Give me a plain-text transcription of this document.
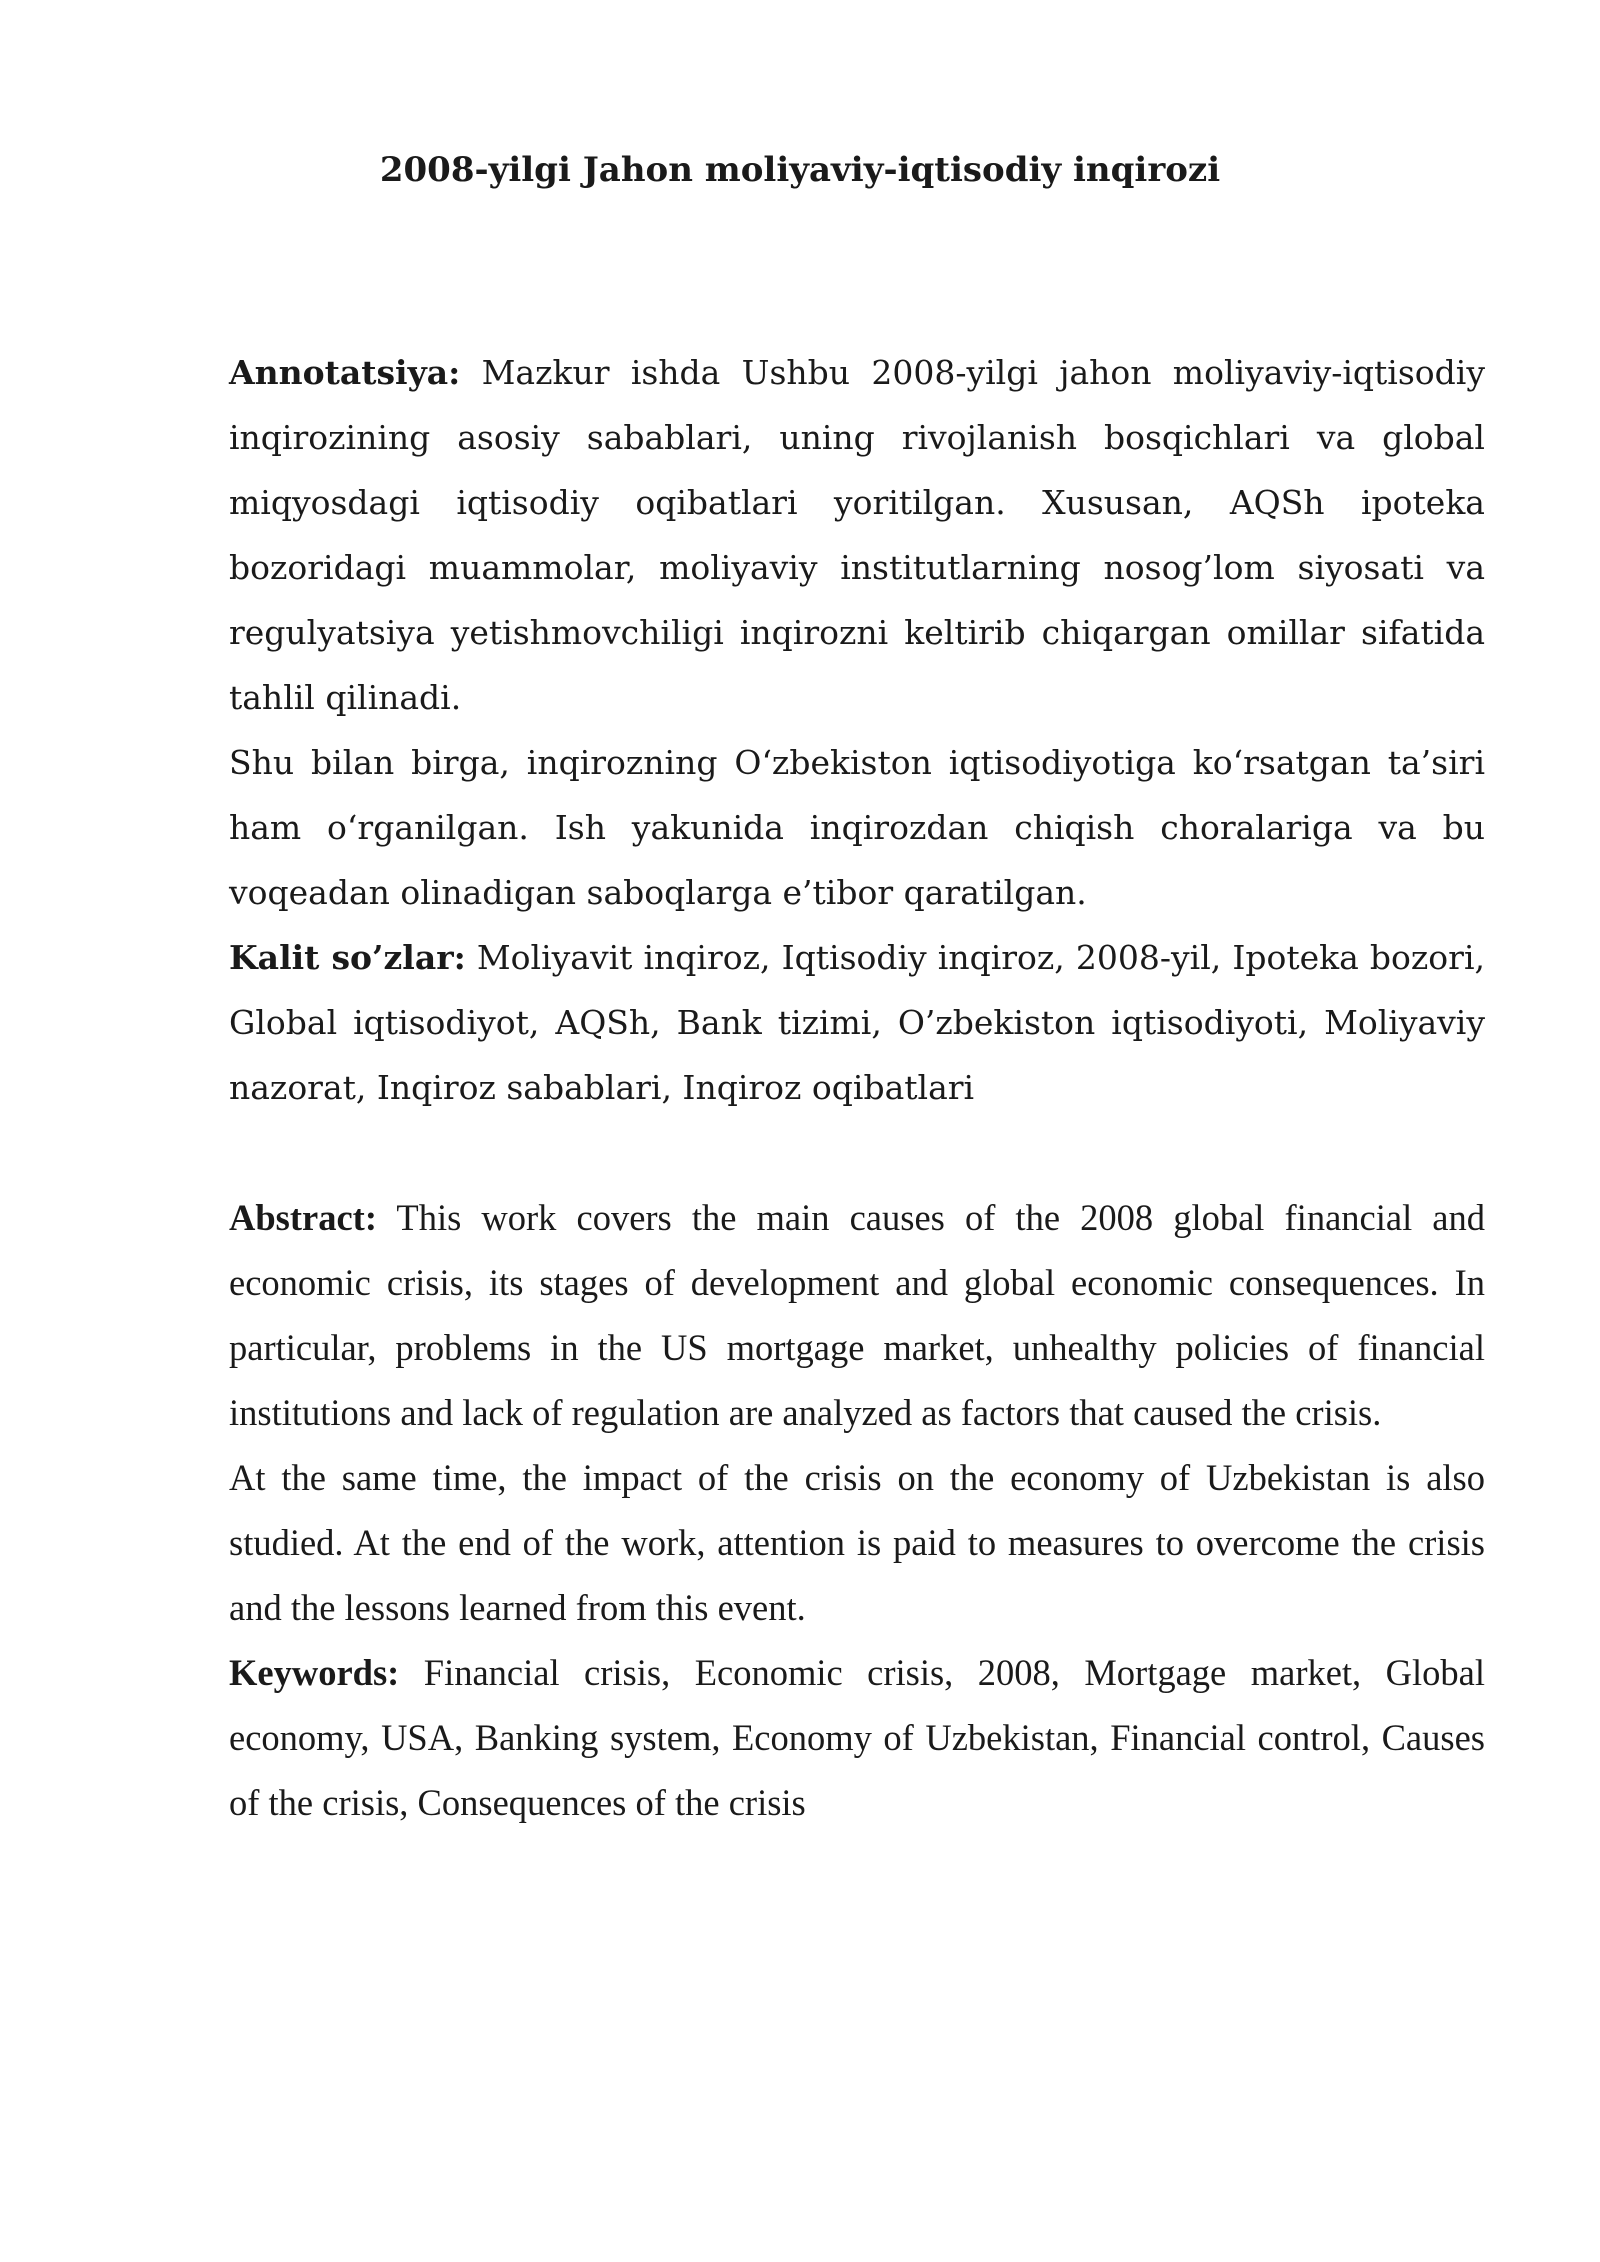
2008-yilgi Jahon moliyaviy-iqtisodiy inqirozi

Annotatsiya: Mazkur ishda Ushbu 2008-yilgi jahon moliyaviy-iqtisodiy inqirozining asosiy sabablari, uning rivojlanish bosqichlari va global miqyosdagi iqtisodiy oqibatlari yoritilgan. Xususan, AQSh ipoteka bozoridagi muammolar, moliyaviy institutlarning nosog’lom siyosati va regulyatsiya yetishmovchiligi inqirozni keltirib chiqargan omillar sifatida tahlil qilinadi.

Shu bilan birga, inqirozning O‘zbekiston iqtisodiyotiga ko‘rsatgan ta’siri ham o‘rganilgan. Ish yakunida inqirozdan chiqish choralariga va bu voqeadan olinadigan saboqlarga e’tibor qaratilgan.

Kalit so’zlar: Moliyavit inqiroz, Iqtisodiy inqiroz, 2008-yil, Ipoteka bozori, Global iqtisodiyot, AQSh, Bank tizimi, O’zbekiston iqtisodiyoti, Moliyaviy nazorat, Inqiroz sabablari, Inqiroz oqibatlari

Abstract: This work covers the main causes of the 2008 global financial and economic crisis, its stages of development and global economic consequences. In particular, problems in the US mortgage market, unhealthy policies of financial institutions and lack of regulation are analyzed as factors that caused the crisis.

At the same time, the impact of the crisis on the economy of Uzbekistan is also studied. At the end of the work, attention is paid to measures to overcome the crisis and the lessons learned from this event.

Keywords: Financial crisis, Economic crisis, 2008, Mortgage market, Global economy, USA, Banking system, Economy of Uzbekistan, Financial control, Causes of the crisis, Consequences of the crisis
